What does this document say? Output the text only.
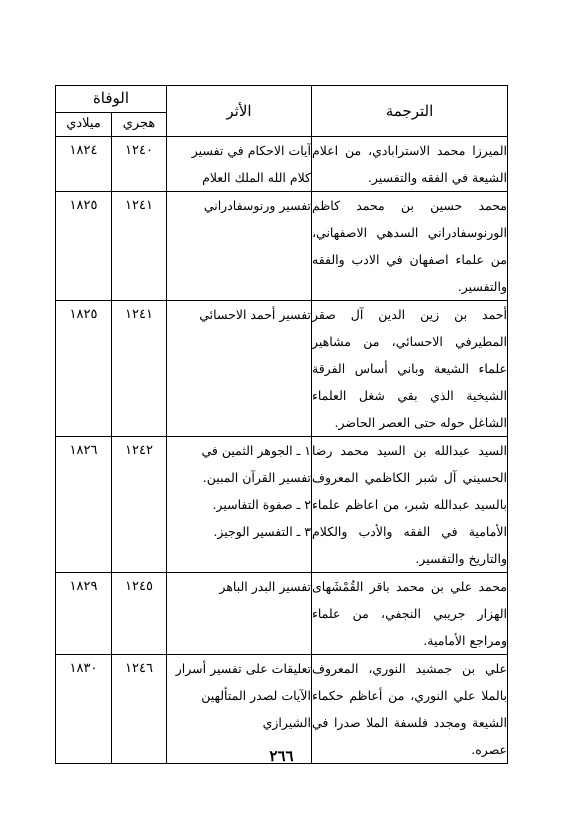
الترجمة	الأثر	الوفاة	
		هجري	ميلادي
الميرزا محمد الاسترابادي، من اعلام الشيعة في الفقه والتفسير.	آيات الاحكام في تفسير
كلام الله الملك العلام	١٢٤٠	١٨٢٤
محمد حسين بن محمد كاظم الورنوسفادراني السدهي الاصفهاني، من علماء اصفهان في الادب والفقه والتفسير.	تفسير ورنوسفادراني	١٢٤١	١٨٢٥
أحمد بن زين الدين آل صقر المطيرفي الاحسائي، من مشاهير علماء الشيعة وباني أساس الفرقة الشيخية الذي بقي شغل العلماء الشاغل حوله حتى العصر الحاضر.	تفسير أحمد الاحسائي	١٢٤١	١٨٢٥
السيد عبدالله بن السيد محمد رضا الحسيني آل شبر الكاظمي المعروف بالسيد عبدالله شبر، من اعاظم علماء الأمامية في الفقه والأدب والكلام والتاريخ والتفسير.	١ ـ الجوهر الثمين في
تفسير القرآن المبين.
٢ ـ صفوة التفاسير.
٣ ـ التفسير الوجيز.	١٢٤٢	١٨٢٦
محمد علي بن محمد باقر القُمْشَهاى الهزار جريبي النجفي، من علماء ومراجع الأمامية.	تفسير البدر الباهر	١٢٤٥	١٨٢٩
علي بن جمشيد النوري، المعروف بالملا علي النوري، من أعاظم حكماء الشيعة ومجدد فلسفة الملا صدرا في عصره.	تعليقات على تفسير أسرار
الآيات لصدر المتألهين
الشيرازي	١٢٤٦	١٨٣٠
٢٦٦
